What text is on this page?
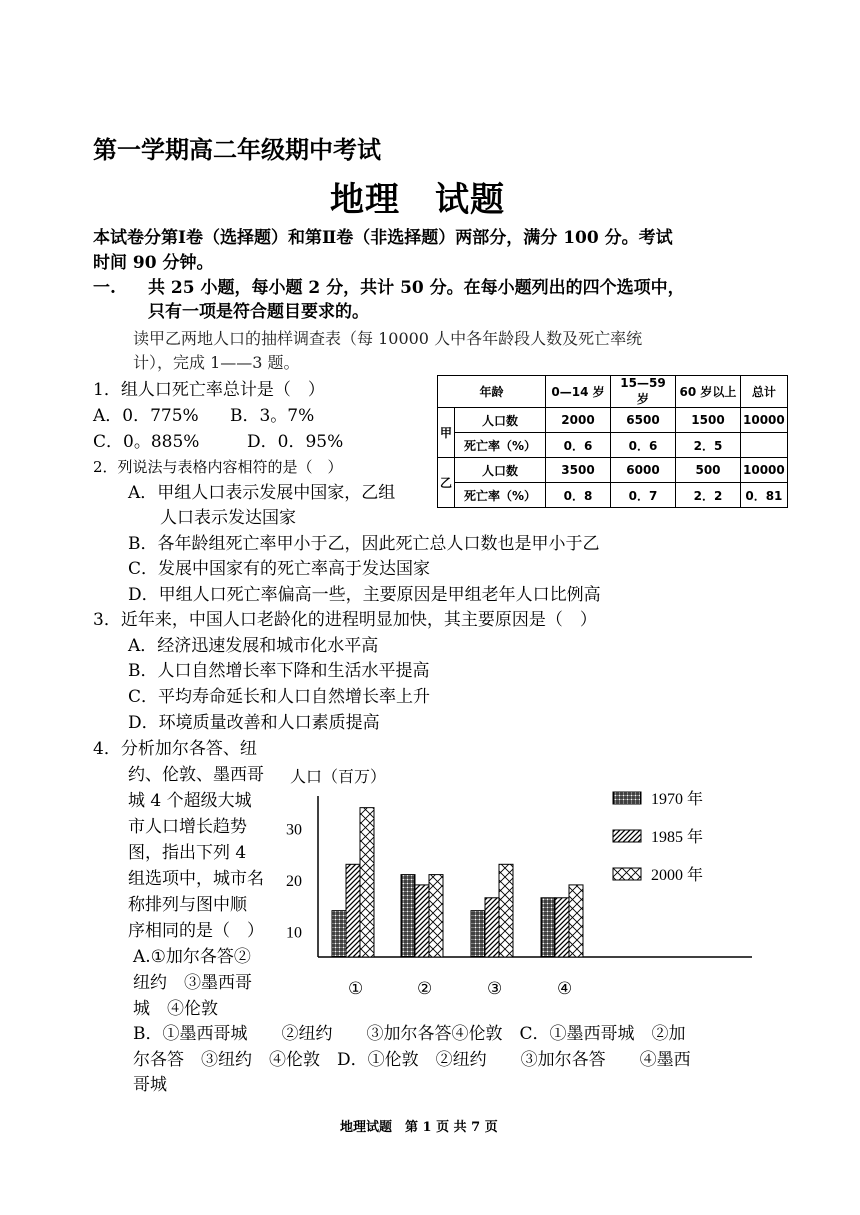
第一学期高二年级期中考试
地理　试题
本试卷分第Ⅰ卷（选择题）和第Ⅱ卷（非选择题）两部分，满分 100 分。考试
时间 90 分钟。
一. 共 25 小题，每小题 2 分，共计 50 分。在每小题列出的四个选项中，
只有一项是符合题目要求的。
读甲乙两地人口的抽样调查表（每 10000 人中各年龄段人数及死亡率统
计），完成 1——3 题。
1．组人口死亡率总计是（　）
A．0．775% B．3。7%
C．0。885%	D．0．95%
年龄		0—14 岁	15—59 岁	60 岁以上	总计
甲	人口数	2000	6500	1500	10000
	死亡率（%）	0．6	0．6	2．5	
乙	人口数	3500	6000	500	10000
	死亡率（%）	0．8	0．7	2．2	0．81
2．列说法与表格内容相符的是（　）
A．甲组人口表示发展中国家，乙组
人口表示发达国家
B．各年龄组死亡率甲小于乙，因此死亡总人口数也是甲小于乙
C．发展中国家有的死亡率高于发达国家
D．甲组人口死亡率偏高一些，主要原因是甲组老年人口比例高
3．近年来，中国人口老龄化的进程明显加快，其主要原因是（　）
A．经济迅速发展和城市化水平高
B．人口自然增长率下降和生活水平提高
C．平均寿命延长和人口自然增长率上升
D．环境质量改善和人口素质提高
4．分析加尔各答、纽
约、伦敦、墨西哥
城 4 个超级大城
市人口增长趋势
图，指出下列 4
组选项中，城市名
称排列与图中顺
序相同的是（　）
A.①加尔各答②
纽约　③墨西哥
城　④伦敦
B．①墨西哥城　　②纽约　　③加尔各答④伦敦　C．①墨西哥城　②加
尔各答　③纽约　④伦敦　D．①伦敦　②纽约　　③加尔各答　　④墨西
哥城
人口（百万）
10
20
30
①	②	③	④
1970 年
1985 年
2000 年
地理试题　第 1 页 共 7 页
